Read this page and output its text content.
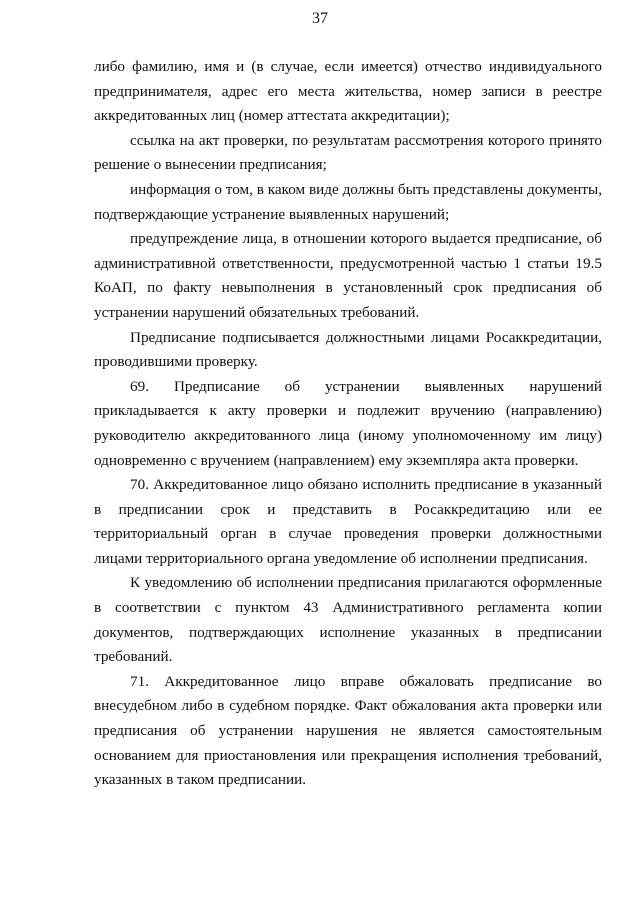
37

либо фамилию, имя и (в случае, если имеется) отчество индивидуального предпринимателя, адрес его места жительства, номер записи в реестре аккредитованных лиц (номер аттестата аккредитации);

ссылка на акт проверки, по результатам рассмотрения которого принято решение о вынесении предписания;

информация о том, в каком виде должны быть представлены документы, подтверждающие устранение выявленных нарушений;

предупреждение лица, в отношении которого выдается предписание, об административной ответственности, предусмотренной частью 1 статьи 19.5 КоАП, по факту невыполнения в установленный срок предписания об устранении нарушений обязательных требований.

Предписание подписывается должностными лицами Росаккредитации, проводившими проверку.

69. Предписание об устранении выявленных нарушений прикладывается к акту проверки и подлежит вручению (направлению) руководителю аккредитованного лица (иному уполномоченному им лицу) одновременно с вручением (направлением) ему экземпляра акта проверки.

70. Аккредитованное лицо обязано исполнить предписание в указанный в предписании срок и представить в Росаккредитацию или ее территориальный орган в случае проведения проверки должностными лицами территориального органа уведомление об исполнении предписания.

К уведомлению об исполнении предписания прилагаются оформленные в соответствии с пунктом 43 Административного регламента копии документов, подтверждающих исполнение указанных в предписании требований.

71. Аккредитованное лицо вправе обжаловать предписание во внесудебном либо в судебном порядке. Факт обжалования акта проверки или предписания об устранении нарушения не является самостоятельным основанием для приостановления или прекращения исполнения требований, указанных в таком предписании.
